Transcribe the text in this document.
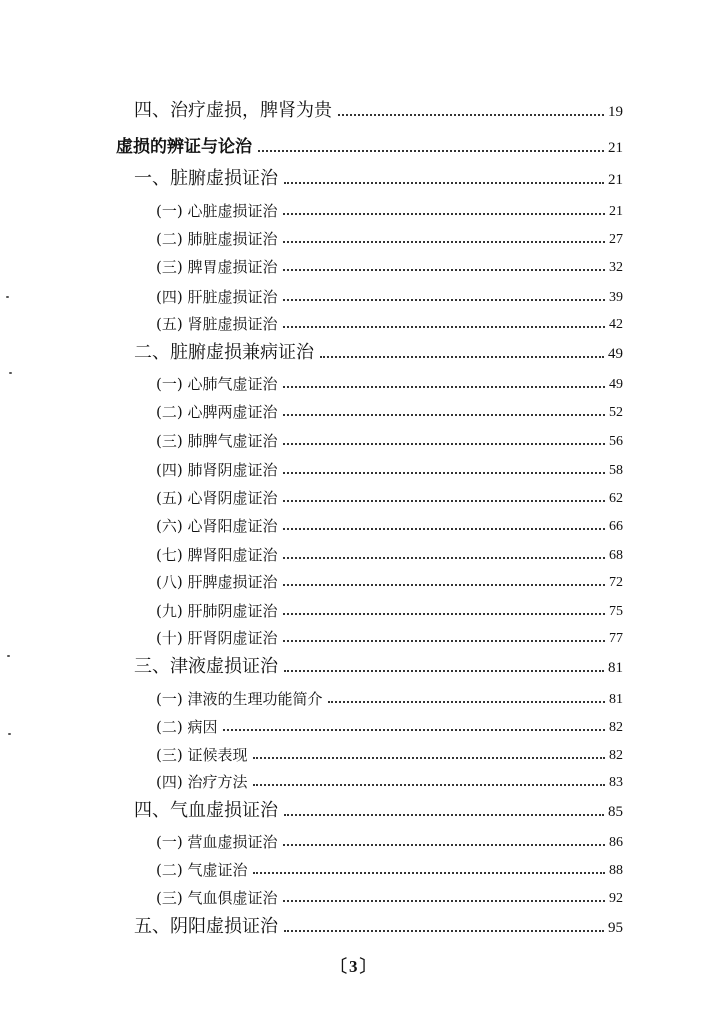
四、治疗虚损，脾肾为贵	19
虚损的辨证与论治	21
一、脏腑虚损证治	21
(一) 心脏虚损证治	21
(二) 肺脏虚损证治	27
(三) 脾胃虚损证治	32
(四) 肝脏虚损证治	39
(五) 肾脏虚损证治	42
二、脏腑虚损兼病证治	49
(一) 心肺气虚证治	49
(二) 心脾两虚证治	52
(三) 肺脾气虚证治	56
(四) 肺肾阴虚证治	58
(五) 心肾阴虚证治	62
(六) 心肾阳虚证治	66
(七) 脾肾阳虚证治	68
(八) 肝脾虚损证治	72
(九) 肝肺阴虚证治	75
(十) 肝肾阴虚证治	77
三、津液虚损证治	81
(一) 津液的生理功能简介	81
(二) 病因	82
(三) 证候表现	82
(四) 治疗方法	83
四、气血虚损证治	85
(一) 营血虚损证治	86
(二) 气虚证治	88
(三) 气血俱虚证治	92
五、阴阳虚损证治	95
〔3〕
